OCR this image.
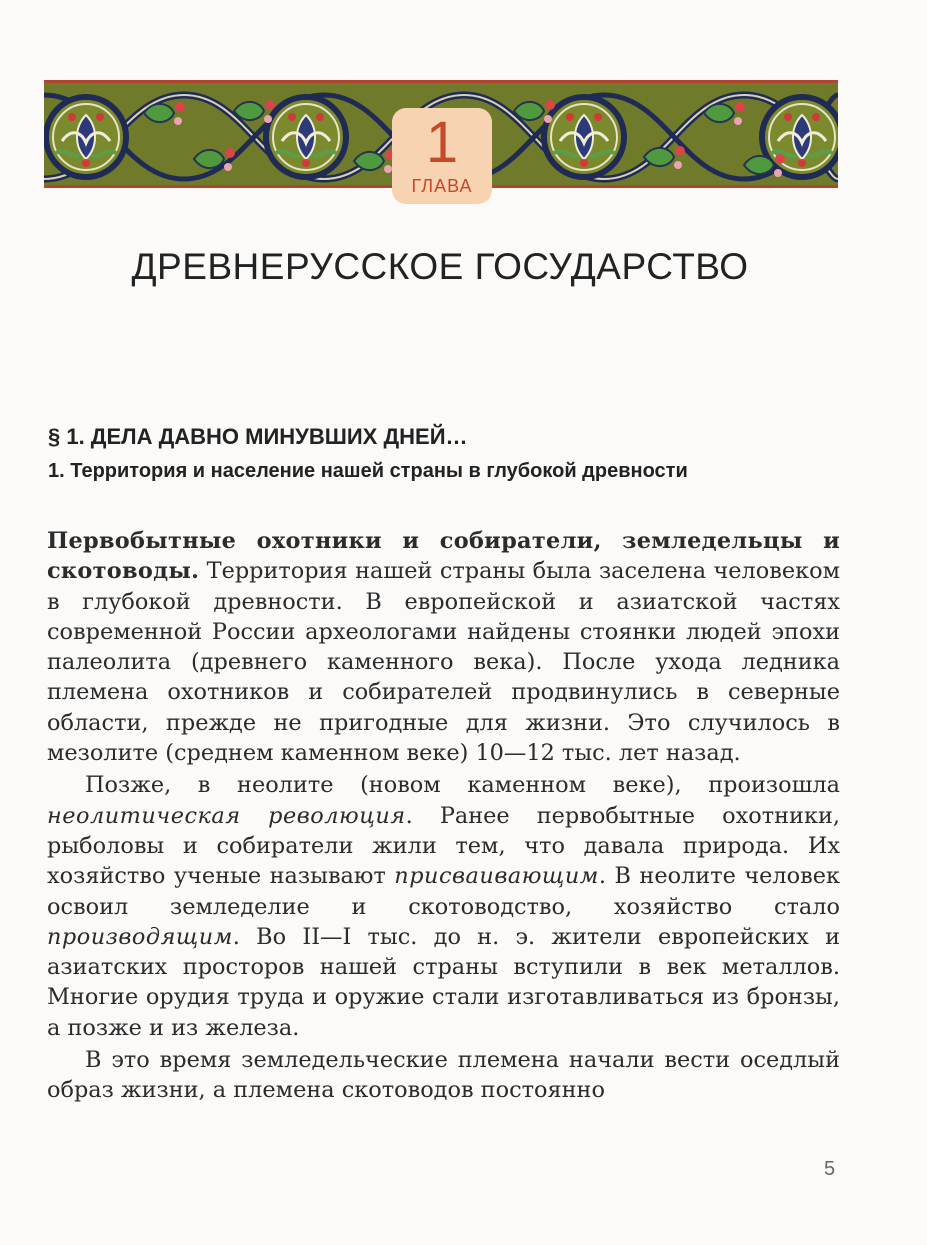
1
ГЛАВА
ДРЕВНЕРУССКОЕ ГОСУДАРСТВО
§ 1. ДЕЛА ДАВНО МИНУВШИХ ДНЕЙ…
1. Территория и население нашей страны в глубокой древности

Первобытные охотники и собиратели, земледельцы и скотоводы. Территория нашей страны была заселена человеком в глубокой древности. В европейской и азиатской частях современной России археологами найдены стоянки людей эпохи палеолита (древнего каменного века). После ухода ледника племена охотников и собирателей продвинулись в северные области, прежде не пригодные для жизни. Это случилось в мезолите (среднем каменном веке) 10—12 тыс. лет назад.

Позже, в неолите (новом каменном веке), произошла неолитическая революция. Ранее первобытные охотники, рыболовы и собиратели жили тем, что давала природа. Их хозяйство ученые называют присваивающим. В неолите человек освоил земледелие и скотоводство, хозяйство стало производящим. Во II—I тыс. до н. э. жители европейских и азиатских просторов нашей страны вступили в век металлов. Многие орудия труда и оружие стали изготавливаться из бронзы, а позже и из железа.

В это время земледельческие племена начали вести оседлый образ жизни, а племена скотоводов постоянно

5
